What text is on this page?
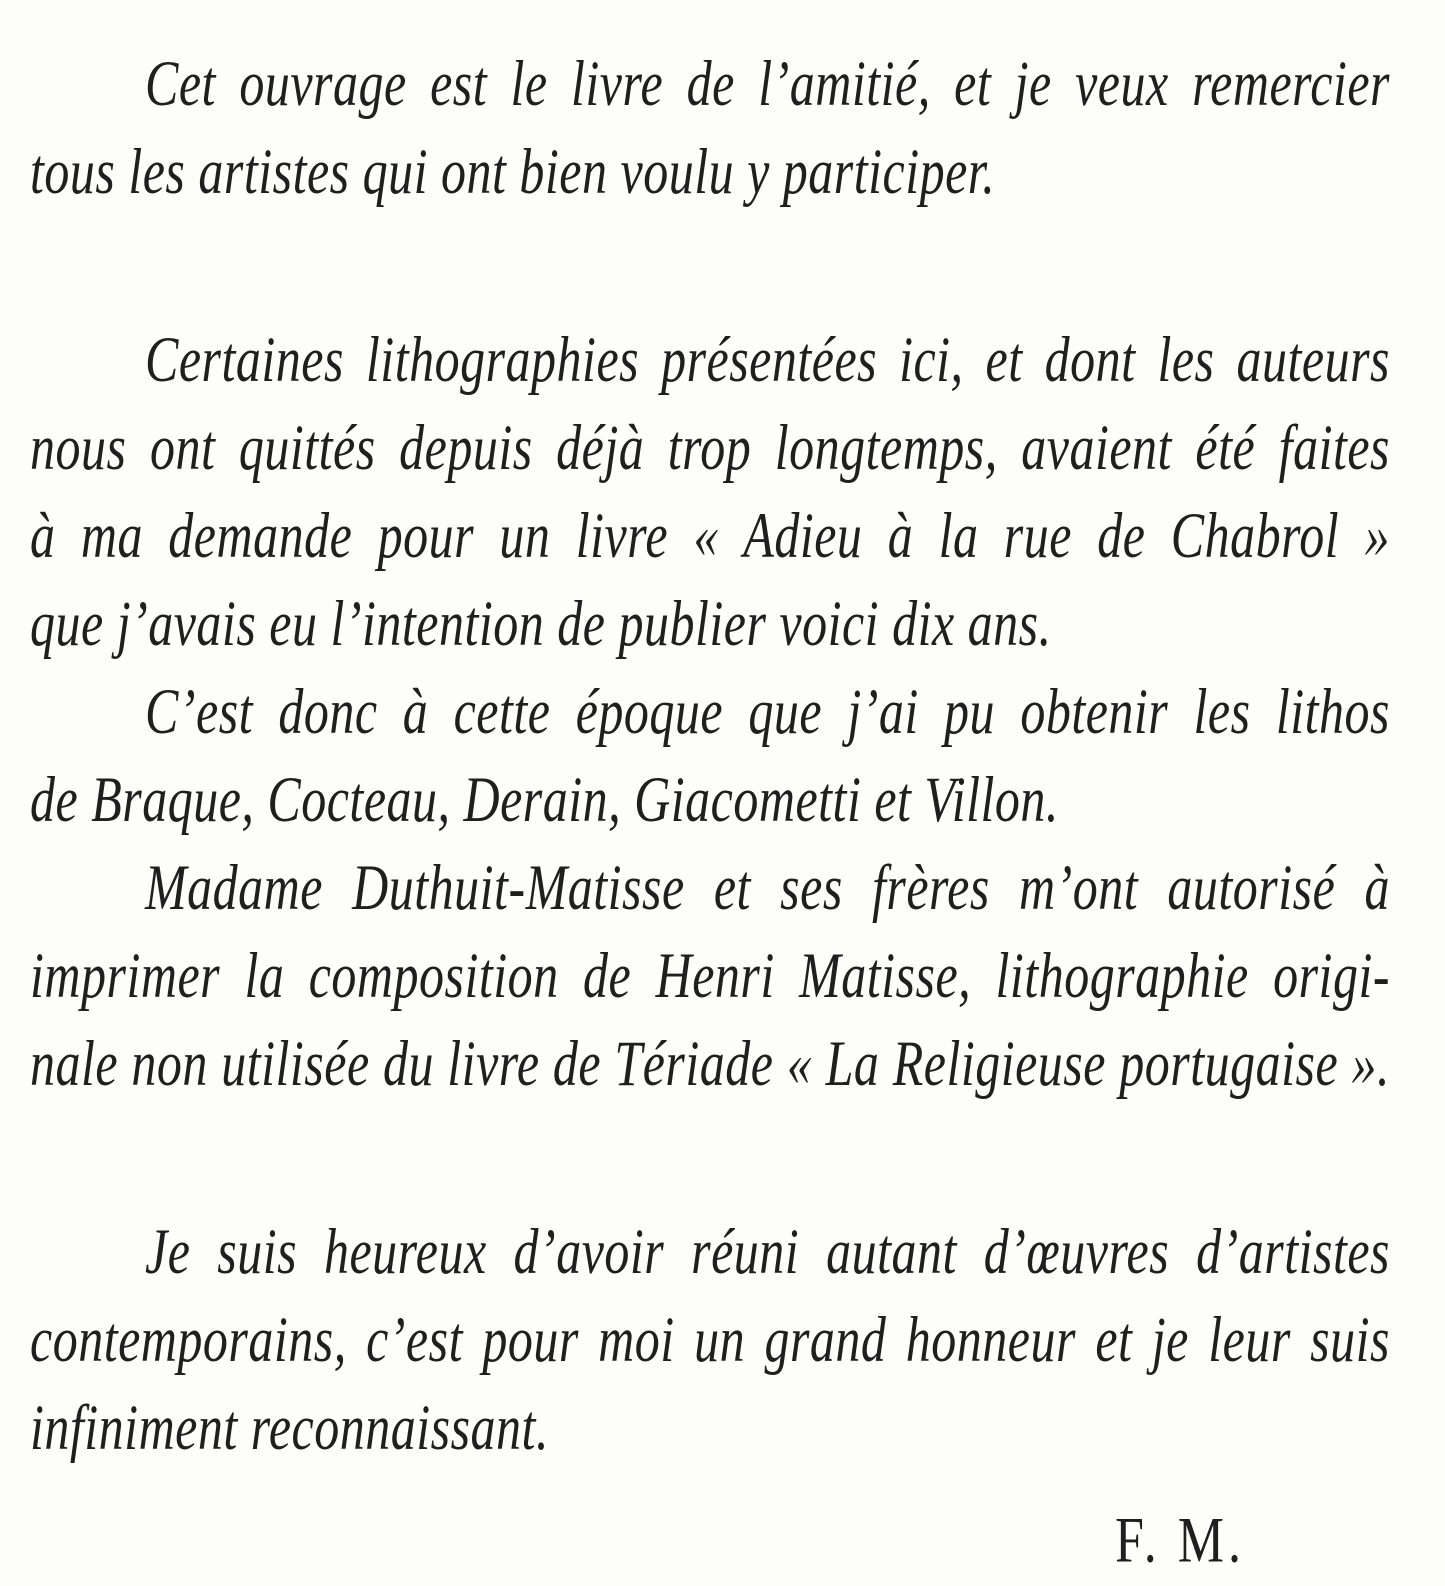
Cet ouvrage est le livre de l’amitié, et je veux remercier
tous les artistes qui ont bien voulu y participer.
Certaines lithographies présentées ici, et dont les auteurs
nous ont quittés depuis déjà trop longtemps, avaient été faites
à ma demande pour un livre « Adieu à la rue de Chabrol »
que j’avais eu l’intention de publier voici dix ans.
C’est donc à cette époque que j’ai pu obtenir les lithos
de Braque, Cocteau, Derain, Giacometti et Villon.
Madame Duthuit-Matisse et ses frères m’ont autorisé à
imprimer la composition de Henri Matisse, lithographie origi-
nale non utilisée du livre de Tériade « La Religieuse portugaise ».
Je suis heureux d’avoir réuni autant d’œuvres d’artistes
contemporains, c’est pour moi un grand honneur et je leur suis
infiniment reconnaissant.
F. M.
